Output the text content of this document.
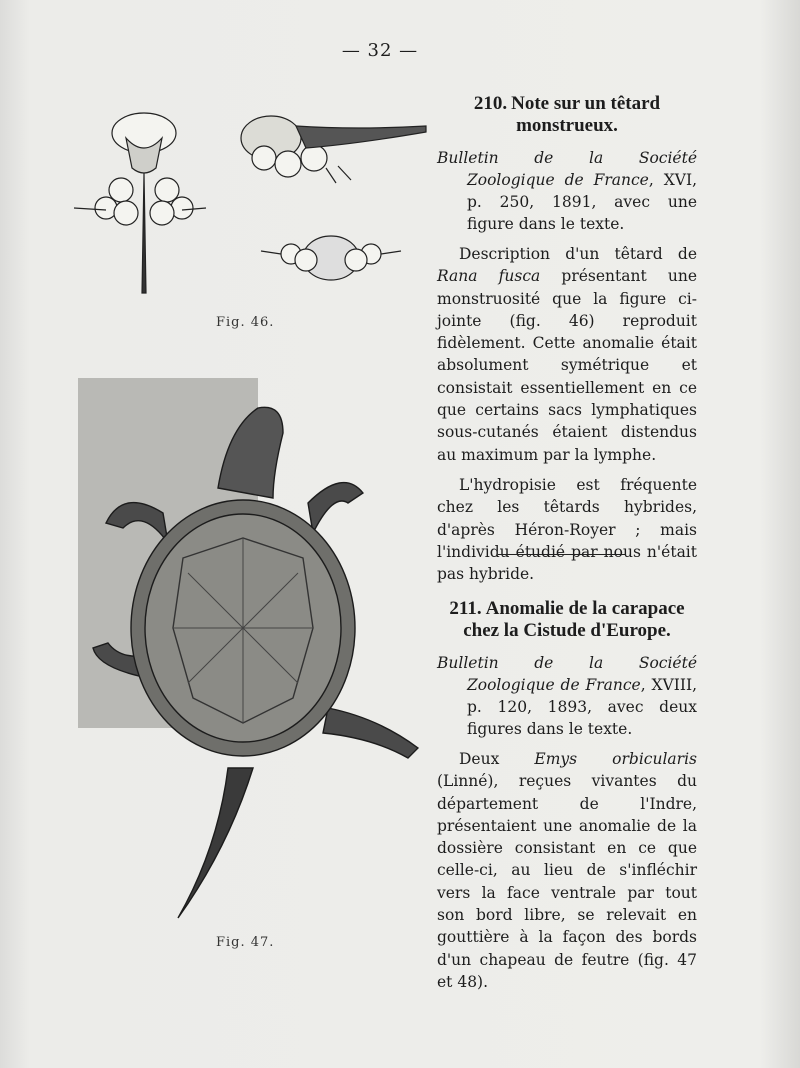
— 32 —
Fig. 46.
Fig. 47.
210. Note sur un têtard monstrueux.
Bulletin de la Société Zoologique de France, XVI, p. 250, 1891, avec une figure dans le texte.

Description d'un têtard de Rana fusca présentant une monstruosité que la figure ci-jointe (fig. 46) reproduit fidèlement. Cette anomalie était absolument symétrique et consistait essentiellement en ce que certains sacs lymphatiques sous-cutanés étaient distendus au maximum par la lymphe.

L'hydropisie est fréquente chez les têtards hybrides, d'après Héron-Royer ; mais l'individu étudié par nous n'était pas hybride.

211. Anomalie de la carapace chez la Cistude d'Europe.
Bulletin de la Société Zoologique de France, XVIII, p. 120, 1893, avec deux figures dans le texte.

Deux Emys orbicularis (Linné), reçues vivantes du département de l'Indre, présentaient une anomalie de la dossière consistant en ce que celle-ci, au lieu de s'infléchir vers la face ventrale par tout son bord libre, se relevait en gouttière à la façon des bords d'un chapeau de feutre (fig. 47 et 48).
